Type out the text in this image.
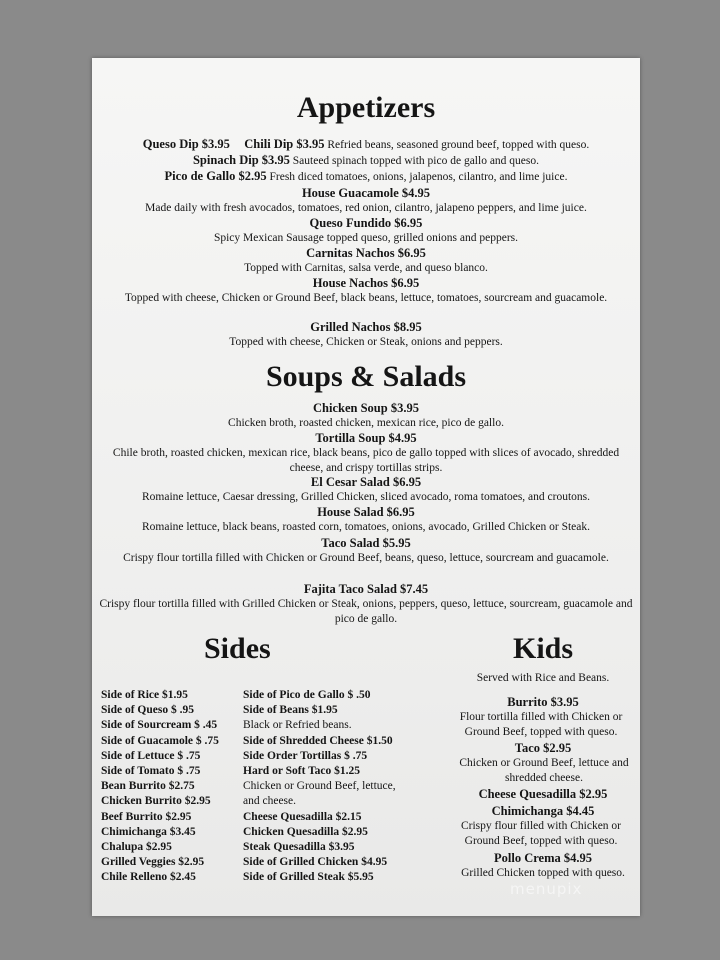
Appetizers
Queso Dip $3.95 Chili Dip $3.95 Refried beans, seasoned ground beef, topped with queso.
Spinach Dip $3.95 Sauteed spinach topped with pico de gallo and queso.
Pico de Gallo $2.95 Fresh diced tomatoes, onions, jalapenos, cilantro, and lime juice.
House Guacamole $4.95
Made daily with fresh avocados, tomatoes, red onion, cilantro, jalapeno peppers, and lime juice.
Queso Fundido $6.95
Spicy Mexican Sausage topped queso, grilled onions and peppers.
Carnitas Nachos $6.95
Topped with Carnitas, salsa verde, and queso blanco.
House Nachos $6.95
Topped with cheese, Chicken or Ground Beef, black beans, lettuce, tomatoes, sourcream and guacamole.
Grilled Nachos $8.95
Topped with cheese, Chicken or Steak, onions and peppers.
Soups & Salads
Chicken Soup $3.95
Chicken broth, roasted chicken, mexican rice, pico de gallo.
Tortilla Soup $4.95
Chile broth, roasted chicken, mexican rice, black beans, pico de gallo topped with slices of avocado, shredded cheese, and crispy tortillas strips.
El Cesar Salad $6.95
Romaine lettuce, Caesar dressing, Grilled Chicken, sliced avocado, roma tomatoes, and croutons.
House Salad $6.95
Romaine lettuce, black beans, roasted corn, tomatoes, onions, avocado, Grilled Chicken or Steak.
Taco Salad $5.95
Crispy flour tortilla filled with Chicken or Ground Beef, beans, queso, lettuce, sourcream and guacamole.
Fajita Taco Salad $7.45
Crispy flour tortilla filled with Grilled Chicken or Steak, onions, peppers, queso, lettuce, sourcream, guacamole and pico de gallo.
Sides
Side of Rice $1.95
Side of Queso $ .95
Side of Sourcream $ .45
Side of Guacamole $ .75
Side of Lettuce $ .75
Side of Tomato $ .75
Bean Burrito $2.75
Chicken Burrito $2.95
Beef Burrito $2.95
Chimichanga $3.45
Chalupa $2.95
Grilled Veggies $2.95
Chile Relleno $2.45
Side of Pico de Gallo $ .50
Side of Beans $1.95
Black or Refried beans.
Side of Shredded Cheese $1.50
Side Order Tortillas $ .75
Hard or Soft Taco $1.25
Chicken or Ground Beef, lettuce,
and cheese.
Cheese Quesadilla $2.15
Chicken Quesadilla $2.95
Steak Quesadilla $3.95
Side of Grilled Chicken $4.95
Side of Grilled Steak $5.95
Kids
Served with Rice and Beans.
Burrito $3.95
Flour tortilla filled with Chicken or Ground Beef, topped with queso.
Taco $2.95
Chicken or Ground Beef, lettuce and shredded cheese.
Cheese Quesadilla $2.95
Chimichanga $4.45
Crispy flour filled with Chicken or Ground Beef, topped with queso.
Pollo Crema $4.95
Grilled Chicken topped with queso.
menupix
